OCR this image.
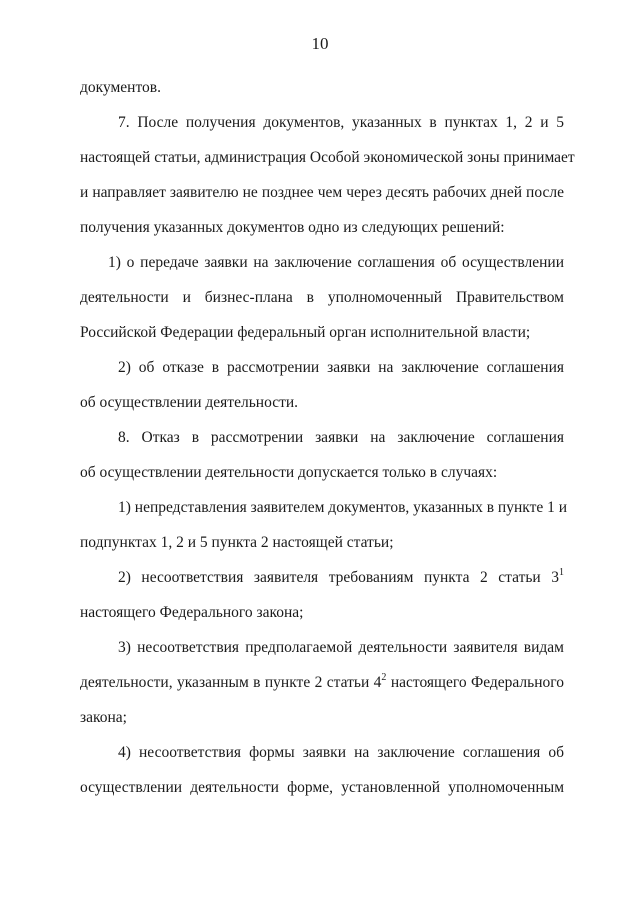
10
документов.
7. После получения документов, указанных в пунктах 1, 2 и 5
настоящей статьи, администрация Особой экономической зоны принимает
и направляет заявителю не позднее чем через десять рабочих дней после
получения указанных документов одно из следующих решений:
1) о передаче заявки на заключение соглашения об осуществлении
деятельности и бизнес-плана в уполномоченный Правительством
Российской Федерации федеральный орган исполнительной власти;
2) об отказе в рассмотрении заявки на заключение соглашения
об осуществлении деятельности.
8. Отказ в рассмотрении заявки на заключение соглашения
об осуществлении деятельности допускается только в случаях:
1) непредставления заявителем документов, указанных в пункте 1 и
подпунктах 1, 2 и 5 пункта 2 настоящей статьи;
2) несоответствия заявителя требованиям пункта 2 статьи $3^1$
настоящего Федерального закона;
3) несоответствия предполагаемой деятельности заявителя видам
деятельности, указанным в пункте 2 статьи $4^2$ настоящего Федерального
закона;
4) несоответствия формы заявки на заключение соглашения об
осуществлении деятельности форме, установленной уполномоченным
